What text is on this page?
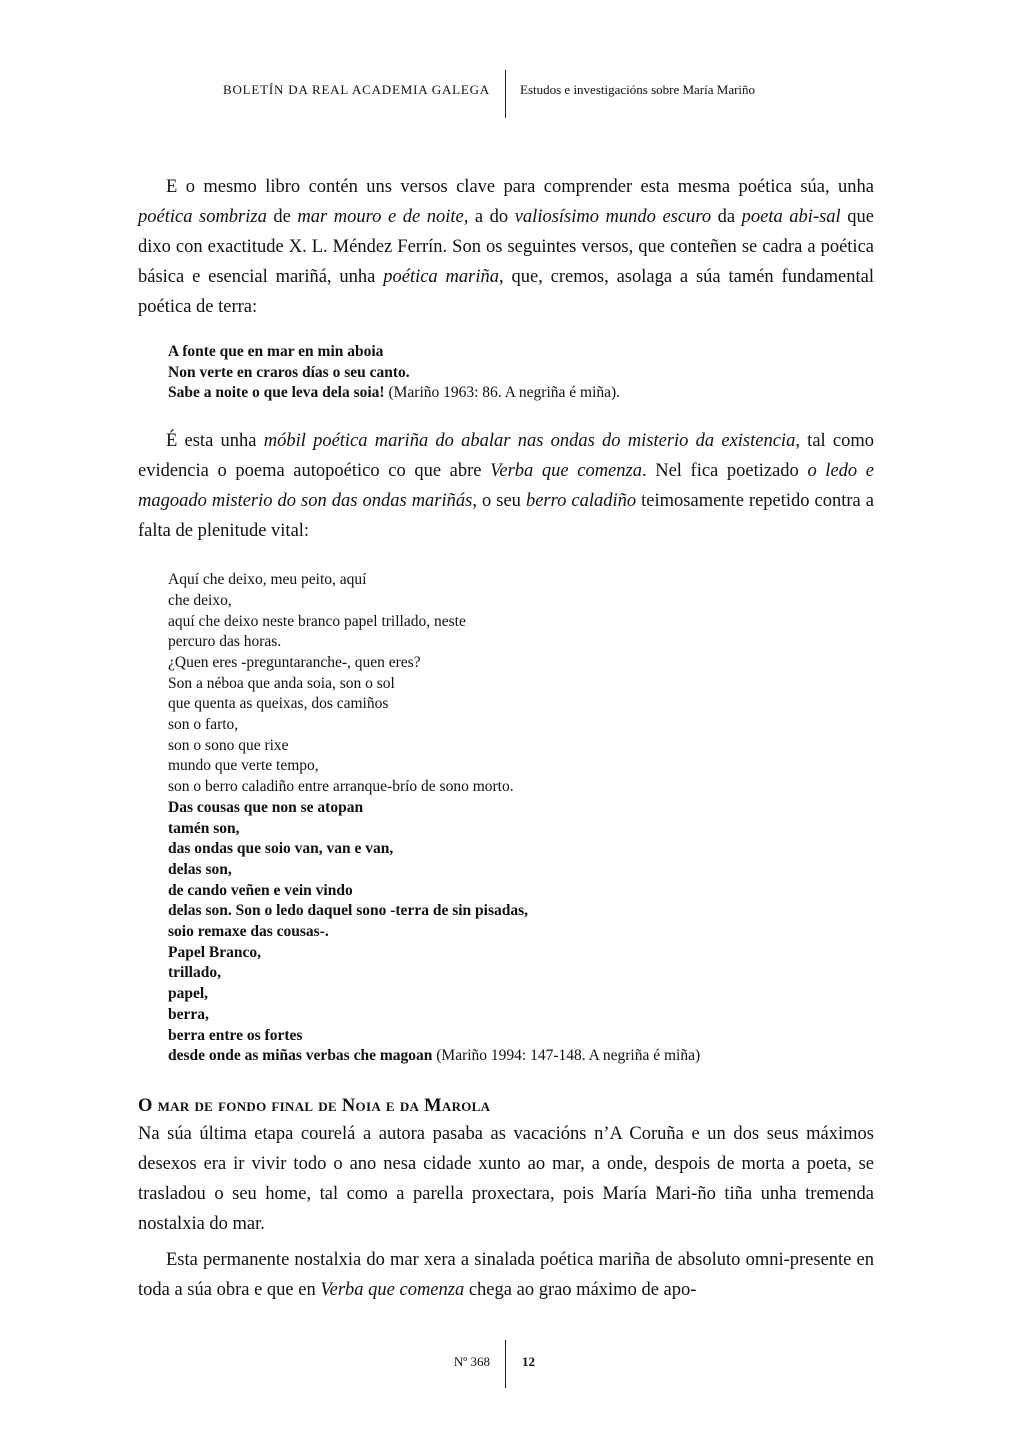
BOLETÍN DA REAL ACADEMIA GALEGA Estudos e investigacións sobre María Mariño

E o mesmo libro contén uns versos clave para comprender esta mesma poética súa, unha poética sombriza de mar mouro e de noite, a do valiosísimo mundo escuro da poeta abi-sal que dixo con exactitude X. L. Méndez Ferrín. Son os seguintes versos, que conteñen se cadra a poética básica e esencial mariñá, unha poética mariña, que, cremos, asolaga a súa tamén fundamental poética de terra:

A fonte que en mar en min aboia
Non verte en craros días o seu canto.
Sabe a noite o que leva dela soia! (Mariño 1963: 86. A negriña é miña).

É esta unha móbil poética mariña do abalar nas ondas do misterio da existencia, tal como evidencia o poema autopoético co que abre Verba que comenza. Nel fica poetizado o ledo e magoado misterio do son das ondas mariñás, o seu berro caladiño teimosamente repetido contra a falta de plenitude vital:

Aquí che deixo, meu peito, aquí
che deixo,
aquí che deixo neste branco papel trillado, neste
percuro das horas.
¿Quen eres -preguntaranche-, quen eres?
Son a néboa que anda soia, son o sol
que quenta as queixas, dos camiños
son o farto,
son o sono que rixe
mundo que verte tempo,
son o berro caladiño entre arranque-brío de sono morto.
Das cousas que non se atopan
tamén son,
das ondas que soio van, van e van,
delas son,
de cando veñen e vein vindo
delas son. Son o ledo daquel sono -terra de sin pisadas,
soio remaxe das cousas-.
Papel Branco,
trillado,
papel,
berra,
berra entre os fortes
desde onde as miñas verbas che magoan (Mariño 1994: 147-148. A negriña é miña)
O mar de fondo final de Noia e da Marola

Na súa última etapa courelá a autora pasaba as vacacións n’A Coruña e un dos seus máximos desexos era ir vivir todo o ano nesa cidade xunto ao mar, a onde, despois de morta a poeta, se trasladou o seu home, tal como a parella proxectara, pois María Mari-ño tiña unha tremenda nostalxia do mar.

Esta permanente nostalxia do mar xera a sinalada poética mariña de absoluto omni-presente en toda a súa obra e que en Verba que comenza chega ao grao máximo de apo-

Nº 368 12
